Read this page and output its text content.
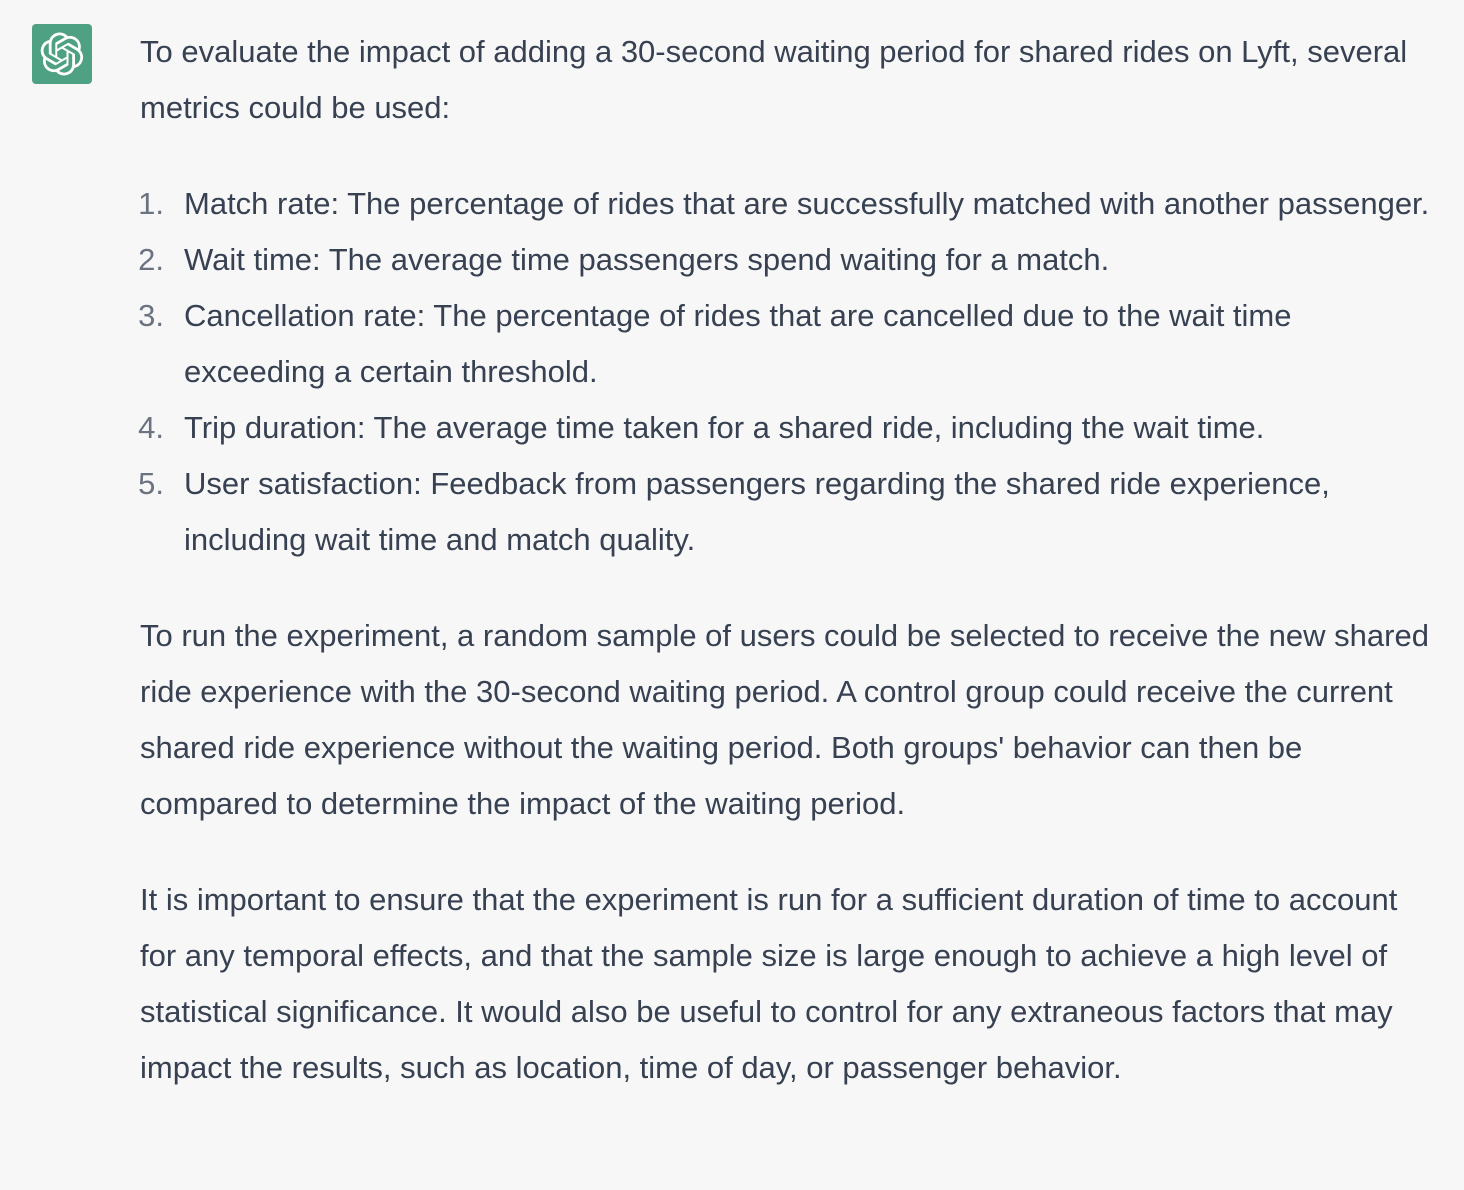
To evaluate the impact of adding a 30-second waiting period for shared rides on Lyft, several metrics could be used:

1. Match rate: The percentage of rides that are successfully matched with another passenger.
2. Wait time: The average time passengers spend waiting for a match.
3. Cancellation rate: The percentage of rides that are cancelled due to the wait time exceeding a certain threshold.
4. Trip duration: The average time taken for a shared ride, including the wait time.
5. User satisfaction: Feedback from passengers regarding the shared ride experience, including wait time and match quality.

To run the experiment, a random sample of users could be selected to receive the new shared ride experience with the 30-second waiting period. A control group could receive the current shared ride experience without the waiting period. Both groups' behavior can then be compared to determine the impact of the waiting period.

It is important to ensure that the experiment is run for a sufficient duration of time to account for any temporal effects, and that the sample size is large enough to achieve a high level of statistical significance. It would also be useful to control for any extraneous factors that may impact the results, such as location, time of day, or passenger behavior.
